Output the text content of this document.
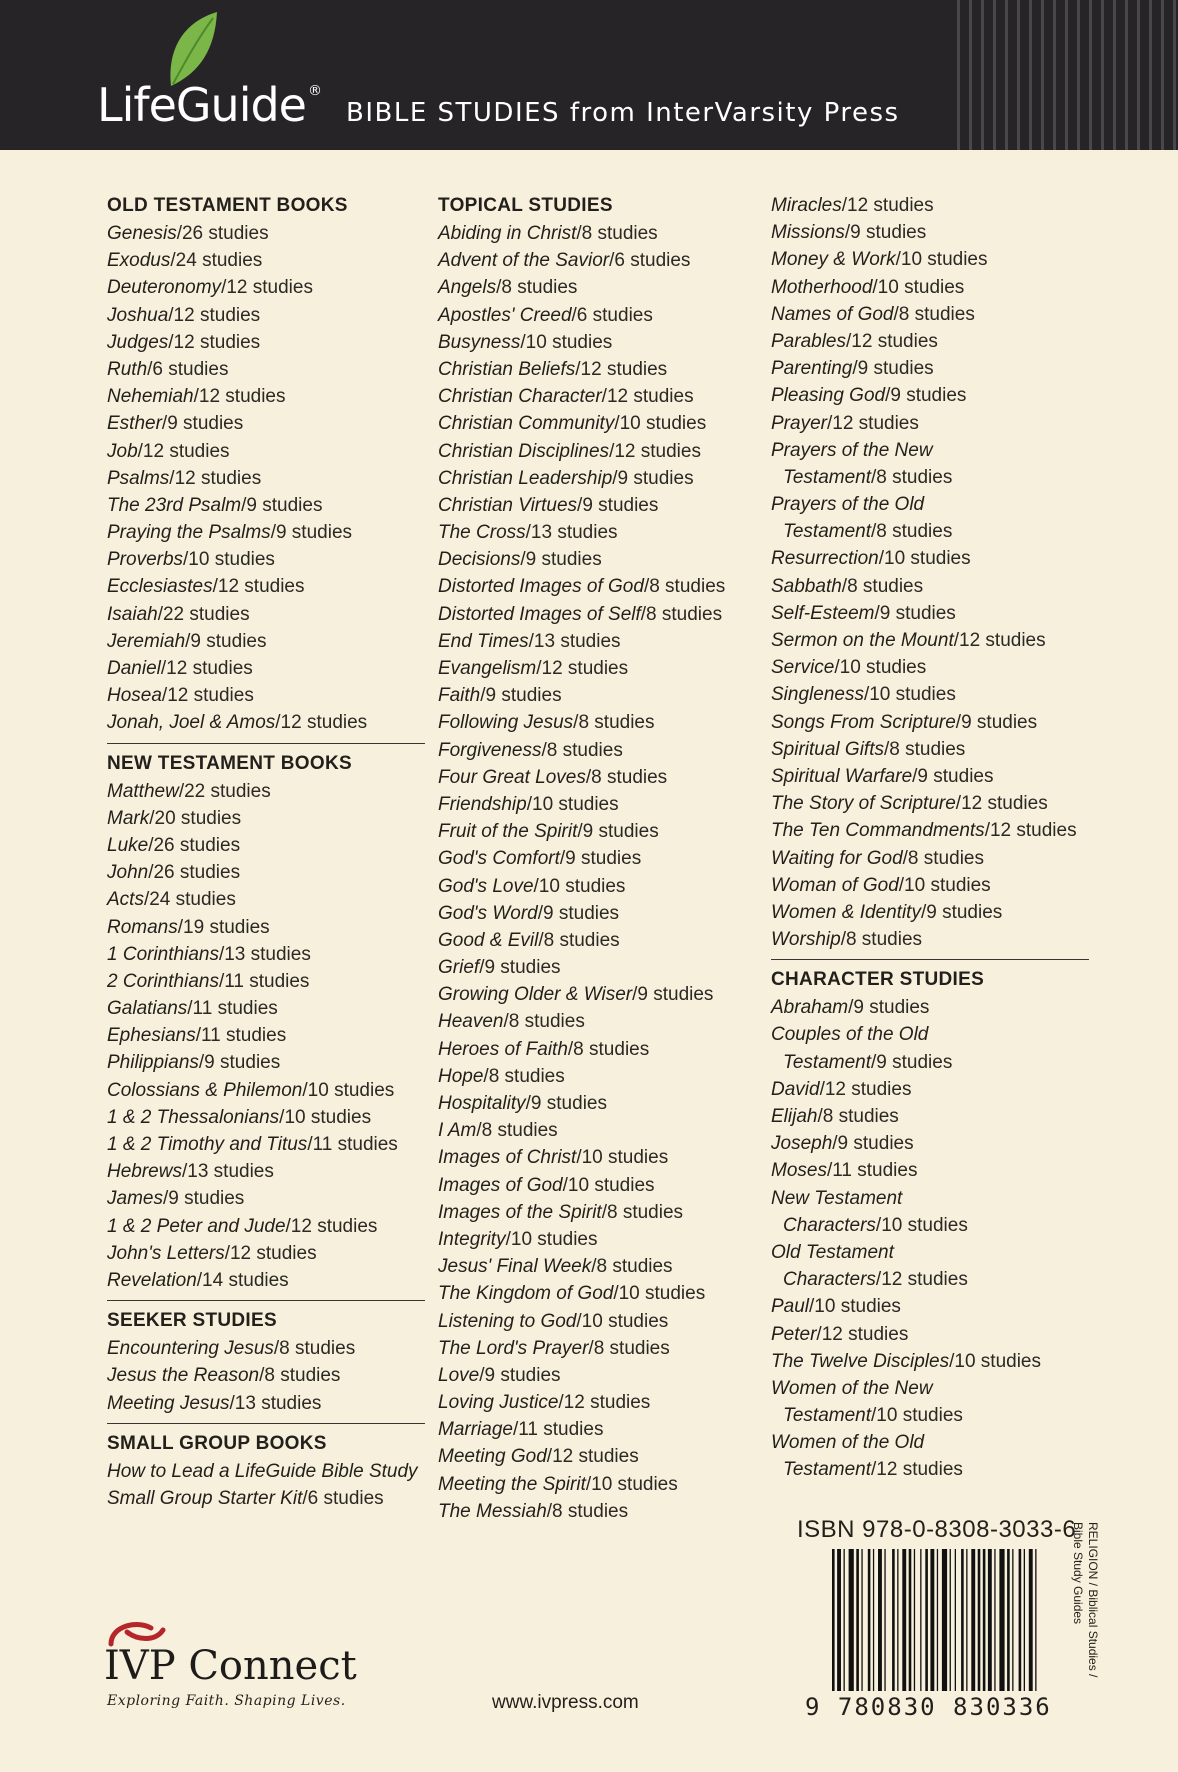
LifeGuide ®
BIBLE STUDIES from InterVarsity Press
OLD TESTAMENT BOOKS
Genesis/26 studies
Exodus/24 studies
Deuteronomy/12 studies
Joshua/12 studies
Judges/12 studies
Ruth/6 studies
Nehemiah/12 studies
Esther/9 studies
Job/12 studies
Psalms/12 studies
The 23rd Psalm/9 studies
Praying the Psalms/9 studies
Proverbs/10 studies
Ecclesiastes/12 studies
Isaiah/22 studies
Jeremiah/9 studies
Daniel/12 studies
Hosea/12 studies
Jonah, Joel & Amos/12 studies
NEW TESTAMENT BOOKS
Matthew/22 studies
Mark/20 studies
Luke/26 studies
John/26 studies
Acts/24 studies
Romans/19 studies
1 Corinthians/13 studies
2 Corinthians/11 studies
Galatians/11 studies
Ephesians/11 studies
Philippians/9 studies
Colossians & Philemon/10 studies
1 & 2 Thessalonians/10 studies
1 & 2 Timothy and Titus/11 studies
Hebrews/13 studies
James/9 studies
1 & 2 Peter and Jude/12 studies
John's Letters/12 studies
Revelation/14 studies
SEEKER STUDIES
Encountering Jesus/8 studies
Jesus the Reason/8 studies
Meeting Jesus/13 studies
SMALL GROUP BOOKS
How to Lead a LifeGuide Bible Study
Small Group Starter Kit/6 studies
TOPICAL STUDIES
Abiding in Christ/8 studies
Advent of the Savior/6 studies
Angels/8 studies
Apostles' Creed/6 studies
Busyness/10 studies
Christian Beliefs/12 studies
Christian Character/12 studies
Christian Community/10 studies
Christian Disciplines/12 studies
Christian Leadership/9 studies
Christian Virtues/9 studies
The Cross/13 studies
Decisions/9 studies
Distorted Images of God/8 studies
Distorted Images of Self/8 studies
End Times/13 studies
Evangelism/12 studies
Faith/9 studies
Following Jesus/8 studies
Forgiveness/8 studies
Four Great Loves/8 studies
Friendship/10 studies
Fruit of the Spirit/9 studies
God's Comfort/9 studies
God's Love/10 studies
God's Word/9 studies
Good & Evil/8 studies
Grief/9 studies
Growing Older & Wiser/9 studies
Heaven/8 studies
Heroes of Faith/8 studies
Hope/8 studies
Hospitality/9 studies
I Am/8 studies
Images of Christ/10 studies
Images of God/10 studies
Images of the Spirit/8 studies
Integrity/10 studies
Jesus' Final Week/8 studies
The Kingdom of God/10 studies
Listening to God/10 studies
The Lord's Prayer/8 studies
Love/9 studies
Loving Justice/12 studies
Marriage/11 studies
Meeting God/12 studies
Meeting the Spirit/10 studies
The Messiah/8 studies
Miracles/12 studies
Missions/9 studies
Money & Work/10 studies
Motherhood/10 studies
Names of God/8 studies
Parables/12 studies
Parenting/9 studies
Pleasing God/9 studies
Prayer/12 studies
Prayers of the New
Testament/8 studies
Prayers of the Old
Testament/8 studies
Resurrection/10 studies
Sabbath/8 studies
Self-Esteem/9 studies
Sermon on the Mount/12 studies
Service/10 studies
Singleness/10 studies
Songs From Scripture/9 studies
Spiritual Gifts/8 studies
Spiritual Warfare/9 studies
The Story of Scripture/12 studies
The Ten Commandments/12 studies
Waiting for God/8 studies
Woman of God/10 studies
Women & Identity/9 studies
Worship/8 studies
CHARACTER STUDIES
Abraham/9 studies
Couples of the Old
Testament/9 studies
David/12 studies
Elijah/8 studies
Joseph/9 studies
Moses/11 studies
New Testament
Characters/10 studies
Old Testament
Characters/12 studies
Paul/10 studies
Peter/12 studies
The Twelve Disciples/10 studies
Women of the New
Testament/10 studies
Women of the Old
Testament/12 studies
ISBN 978-0-8308-3033-6
9 780830 830336
RELIGION / Biblical Studies /
Bible Study Guides
IVP Connect
Exploring Faith. Shaping Lives.	www.ivpress.com
